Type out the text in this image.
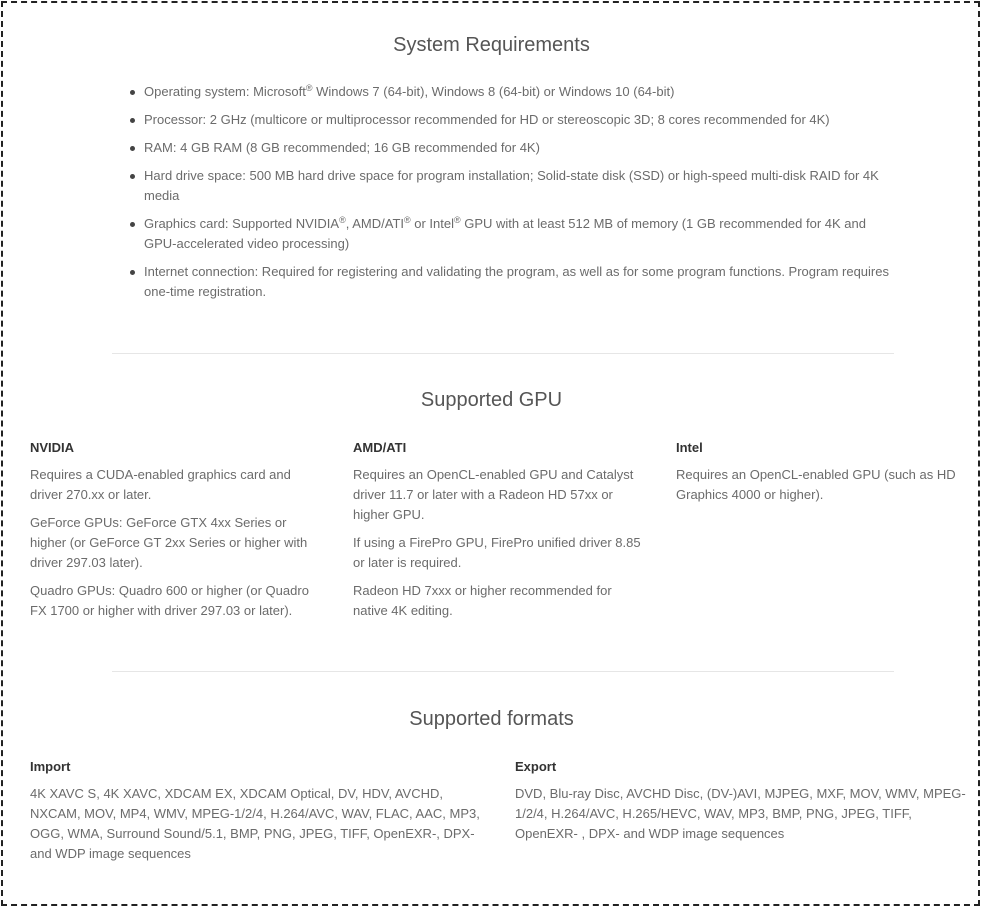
System Requirements
Operating system: Microsoft® Windows 7 (64-bit), Windows 8 (64-bit) or Windows 10 (64-bit)
Processor: 2 GHz (multicore or multiprocessor recommended for HD or stereoscopic 3D; 8 cores recommended for 4K)
RAM: 4 GB RAM (8 GB recommended; 16 GB recommended for 4K)
Hard drive space: 500 MB hard drive space for program installation; Solid-state disk (SSD) or high-speed multi-disk RAID for 4K media
Graphics card: Supported NVIDIA®, AMD/ATI® or Intel® GPU with at least 512 MB of memory (1 GB recommended for 4K and GPU-accelerated video processing)
Internet connection: Required for registering and validating the program, as well as for some program functions. Program requires one-time registration.
Supported GPU
NVIDIA

Requires a CUDA-enabled graphics card and driver 270.xx or later.

GeForce GPUs: GeForce GTX 4xx Series or higher (or GeForce GT 2xx Series or higher with driver 297.03 later).

Quadro GPUs: Quadro 600 or higher (or Quadro FX 1700 or higher with driver 297.03 or later).

AMD/ATI

Requires an OpenCL-enabled GPU and Catalyst driver 11.7 or later with a Radeon HD 57xx or higher GPU.

If using a FirePro GPU, FirePro unified driver 8.85 or later is required.

Radeon HD 7xxx or higher recommended for native 4K editing.

Intel

Requires an OpenCL-enabled GPU (such as HD Graphics 4000 or higher).

Supported formats
Import

4K XAVC S, 4K XAVC, XDCAM EX, XDCAM Optical, DV, HDV, AVCHD, NXCAM, MOV, MP4, WMV, MPEG-1/2/4, H.264/AVC, WAV, FLAC, AAC, MP3, OGG, WMA, Surround Sound/5.1, BMP, PNG, JPEG, TIFF, OpenEXR-, DPX- and WDP image sequences

Export

DVD, Blu-ray Disc, AVCHD Disc, (DV-)AVI, MJPEG, MXF, MOV, WMV, MPEG-1/2/4, H.264/AVC, H.265/HEVC, WAV, MP3, BMP, PNG, JPEG, TIFF, OpenEXR- , DPX- and WDP image sequences
